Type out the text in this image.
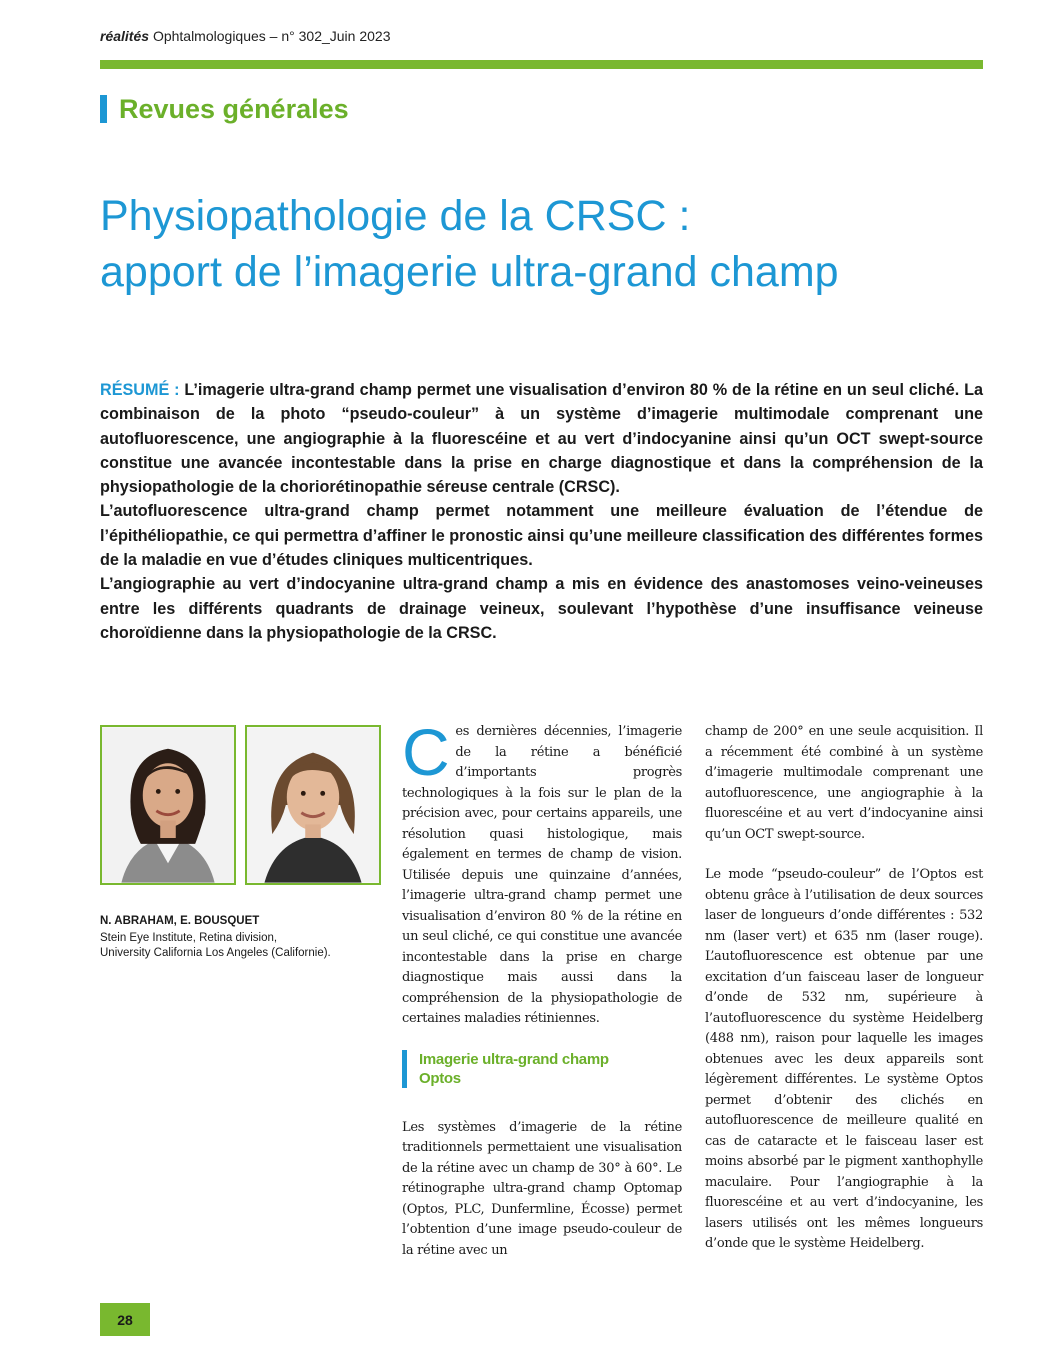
réalités Ophtalmologiques – n° 302_Juin 2023
Revues générales
Physiopathologie de la CRSC :
apport de l’imagerie ultra-grand champ

RÉSUMÉ : L’imagerie ultra-grand champ permet une visualisation d’environ 80 % de la rétine en un seul cliché. La combinaison de la photo “pseudo-couleur” à un système d’imagerie multimodale comprenant une autofluorescence, une angiographie à la fluorescéine et au vert d’indocyanine ainsi qu’un OCT swept-source constitue une avancée incontestable dans la prise en charge diagnostique et dans la compréhension de la physiopathologie de la choriorétinopathie séreuse centrale (CRSC).

L’autofluorescence ultra-grand champ permet notamment une meilleure évaluation de l’étendue de l’épithéliopathie, ce qui permettra d’affiner le pronostic ainsi qu’une meilleure classification des différentes formes de la maladie en vue d’études cliniques multicentriques.

L’angiographie au vert d’indocyanine ultra-grand champ a mis en évidence des anastomoses veino-veineuses entre les différents quadrants de drainage veineux, soulevant l’hypothèse d’une insuffisance veineuse choroïdienne dans la physiopathologie de la CRSC.

N. ABRAHAM, E. BOUSQUET
Stein Eye Institute, Retina division,
University California Los Angeles (Californie).

Ces dernières décennies, l’imagerie de la rétine a bénéficié d’importants progrès technologiques à la fois sur le plan de la précision avec, pour certains appareils, une résolution quasi histologique, mais également en termes de champ de vision. Utilisée depuis une quinzaine d’années, l’imagerie ultra-grand champ permet une visualisation d’environ 80 % de la rétine en un seul cliché, ce qui constitue une avancée incontestable dans la prise en charge diagnostique mais aussi dans la compréhension de la physiopathologie de certaines maladies rétiniennes.

Imagerie ultra-grand champ
Optos

Les systèmes d’imagerie de la rétine traditionnels permettaient une visualisation de la rétine avec un champ de 30° à 60°. Le rétinographe ultra-grand champ Optomap (Optos, PLC, Dunfermline, Écosse) permet l’obtention d’une image pseudo-couleur de la rétine avec un

champ de 200° en une seule acquisition. Il a récemment été combiné à un système d’imagerie multimodale comprenant une autofluorescence, une angiographie à la fluorescéine et au vert d’indocyanine ainsi qu’un OCT swept-source.

Le mode “pseudo-couleur” de l’Optos est obtenu grâce à l’utilisation de deux sources laser de longueurs d’onde différentes : 532 nm (laser vert) et 635 nm (laser rouge). L’autofluorescence est obtenue par une excitation d’un faisceau laser de longueur d’onde de 532 nm, supérieure à l’autofluorescence du système Heidelberg (488 nm), raison pour laquelle les images obtenues avec les deux appareils sont légèrement différentes. Le système Optos permet d’obtenir des clichés en autofluorescence de meilleure qualité en cas de cataracte et le faisceau laser est moins absorbé par le pigment xanthophylle maculaire. Pour l’angiographie à la fluorescéine et au vert d’indocyanine, les lasers utilisés ont les mêmes longueurs d’onde que le système Heidelberg.

28
